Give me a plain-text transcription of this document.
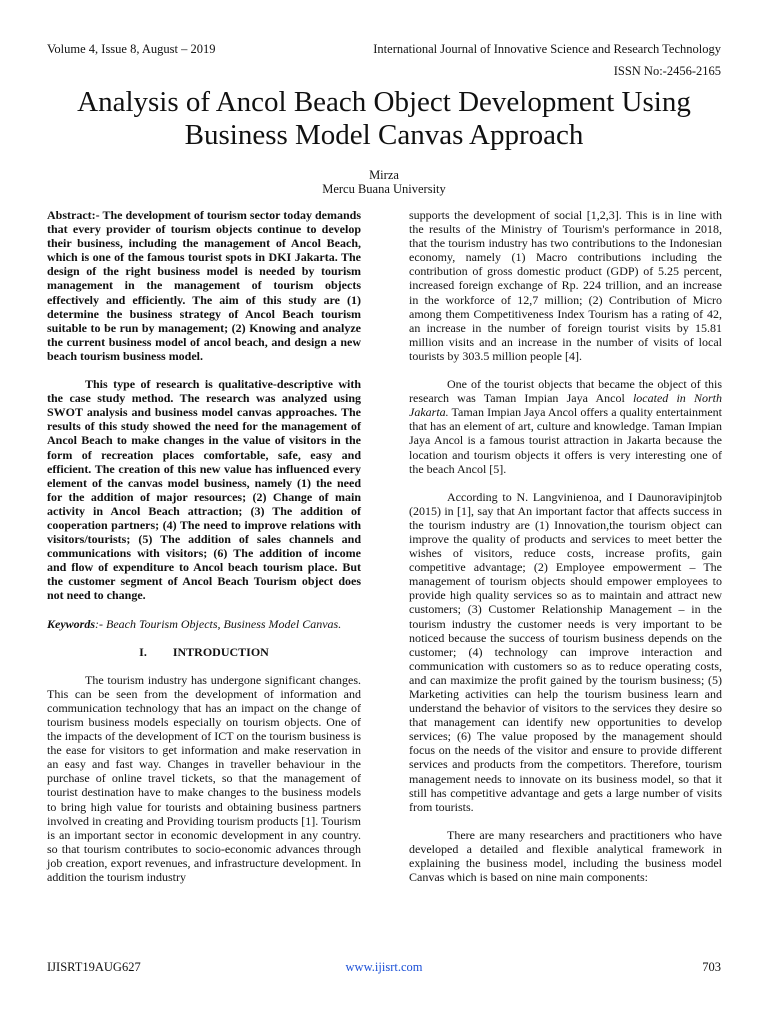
Volume 4, Issue 8, August – 2019	International Journal of Innovative Science and Research Technology
ISSN No:-2456-2165
Analysis of Ancol Beach Object Development Using Business Model Canvas Approach
Mirza
Mercu Buana University

Abstract:- The development of tourism sector today demands that every provider of tourism objects continue to develop their business, including the management of Ancol Beach, which is one of the famous tourist spots in DKI Jakarta. The design of the right business model is needed by tourism management in the management of tourism objects effectively and efficiently. The aim of this study are (1) determine the business strategy of Ancol Beach tourism suitable to be run by management; (2) Knowing and analyze the current business model of ancol beach, and design a new beach tourism business model.

This type of research is qualitative-descriptive with the case study method. The research was analyzed using SWOT analysis and business model canvas approaches. The results of this study showed the need for the management of Ancol Beach to make changes in the value of visitors in the form of recreation places comfortable, safe, easy and efficient. The creation of this new value has influenced every element of the canvas model business, namely (1) the need for the addition of major resources; (2) Change of main activity in Ancol Beach attraction; (3) The addition of cooperation partners; (4) The need to improve relations with visitors/tourists; (5) The addition of sales channels and communications with visitors; (6) The addition of income and flow of expenditure to Ancol beach tourism place. But the customer segment of Ancol Beach Tourism object does not need to change.

Keywords:- Beach Tourism Objects, Business Model Canvas.

I. INTRODUCTION

The tourism industry has undergone significant changes. This can be seen from the development of information and communication technology that has an impact on the change of tourism business models especially on tourism objects. One of the impacts of the development of ICT on the tourism business is the ease for visitors to get information and make reservation in an easy and fast way. Changes in traveller behaviour in the purchase of online travel tickets, so that the management of tourist destination have to make changes to the business models to bring high value for tourists and obtaining business partners involved in creating and Providing tourism products [1]. Tourism is an important sector in economic development in any country. so that tourism contributes to socio-economic advances through job creation, export revenues, and infrastructure development. In addition the tourism industry

supports the development of social [1,2,3]. This is in line with the results of the Ministry of Tourism's performance in 2018, that the tourism industry has two contributions to the Indonesian economy, namely (1) Macro contributions including the contribution of gross domestic product (GDP) of 5.25 percent, increased foreign exchange of Rp. 224 trillion, and an increase in the workforce of 12,7 million; (2) Contribution of Micro among them Competitiveness Index Tourism has a rating of 42, an increase in the number of foreign tourist visits by 15.81 million visits and an increase in the number of visits of local tourists by 303.5 million people [4].

One of the tourist objects that became the object of this research was Taman Impian Jaya Ancol located in North Jakarta. Taman Impian Jaya Ancol offers a quality entertainment that has an element of art, culture and knowledge. Taman Impian Jaya Ancol is a famous tourist attraction in Jakarta because the location and tourism objects it offers is very interesting one of the beach Ancol [5].

According to N. Langvinienoa, and I Daunoravipinjtob (2015) in [1], say that An important factor that affects success in the tourism industry are (1) Innovation,the tourism object can improve the quality of products and services to meet better the wishes of visitors, reduce costs, increase profits, gain competitive advantage; (2) Employee empowerment – The management of tourism objects should empower employees to provide high quality services so as to maintain and attract new customers; (3) Customer Relationship Management – in the tourism industry the customer needs is very important to be noticed because the success of tourism business depends on the customer; (4) technology can improve interaction and communication with customers so as to reduce operating costs, and can maximize the profit gained by the tourism business; (5) Marketing activities can help the tourism business learn and understand the behavior of visitors to the services they desire so that management can identify new opportunities to develop services; (6) The value proposed by the management should focus on the needs of the visitor and ensure to provide different services and products from the competitors. Therefore, tourism management needs to innovate on its business model, so that it still has competitive advantage and gets a large number of visits from tourists.

There are many researchers and practitioners who have developed a detailed and flexible analytical framework in explaining the business model, including the business model Canvas which is based on nine main components:

IJISRT19AUG627	www.ijisrt.com	703
